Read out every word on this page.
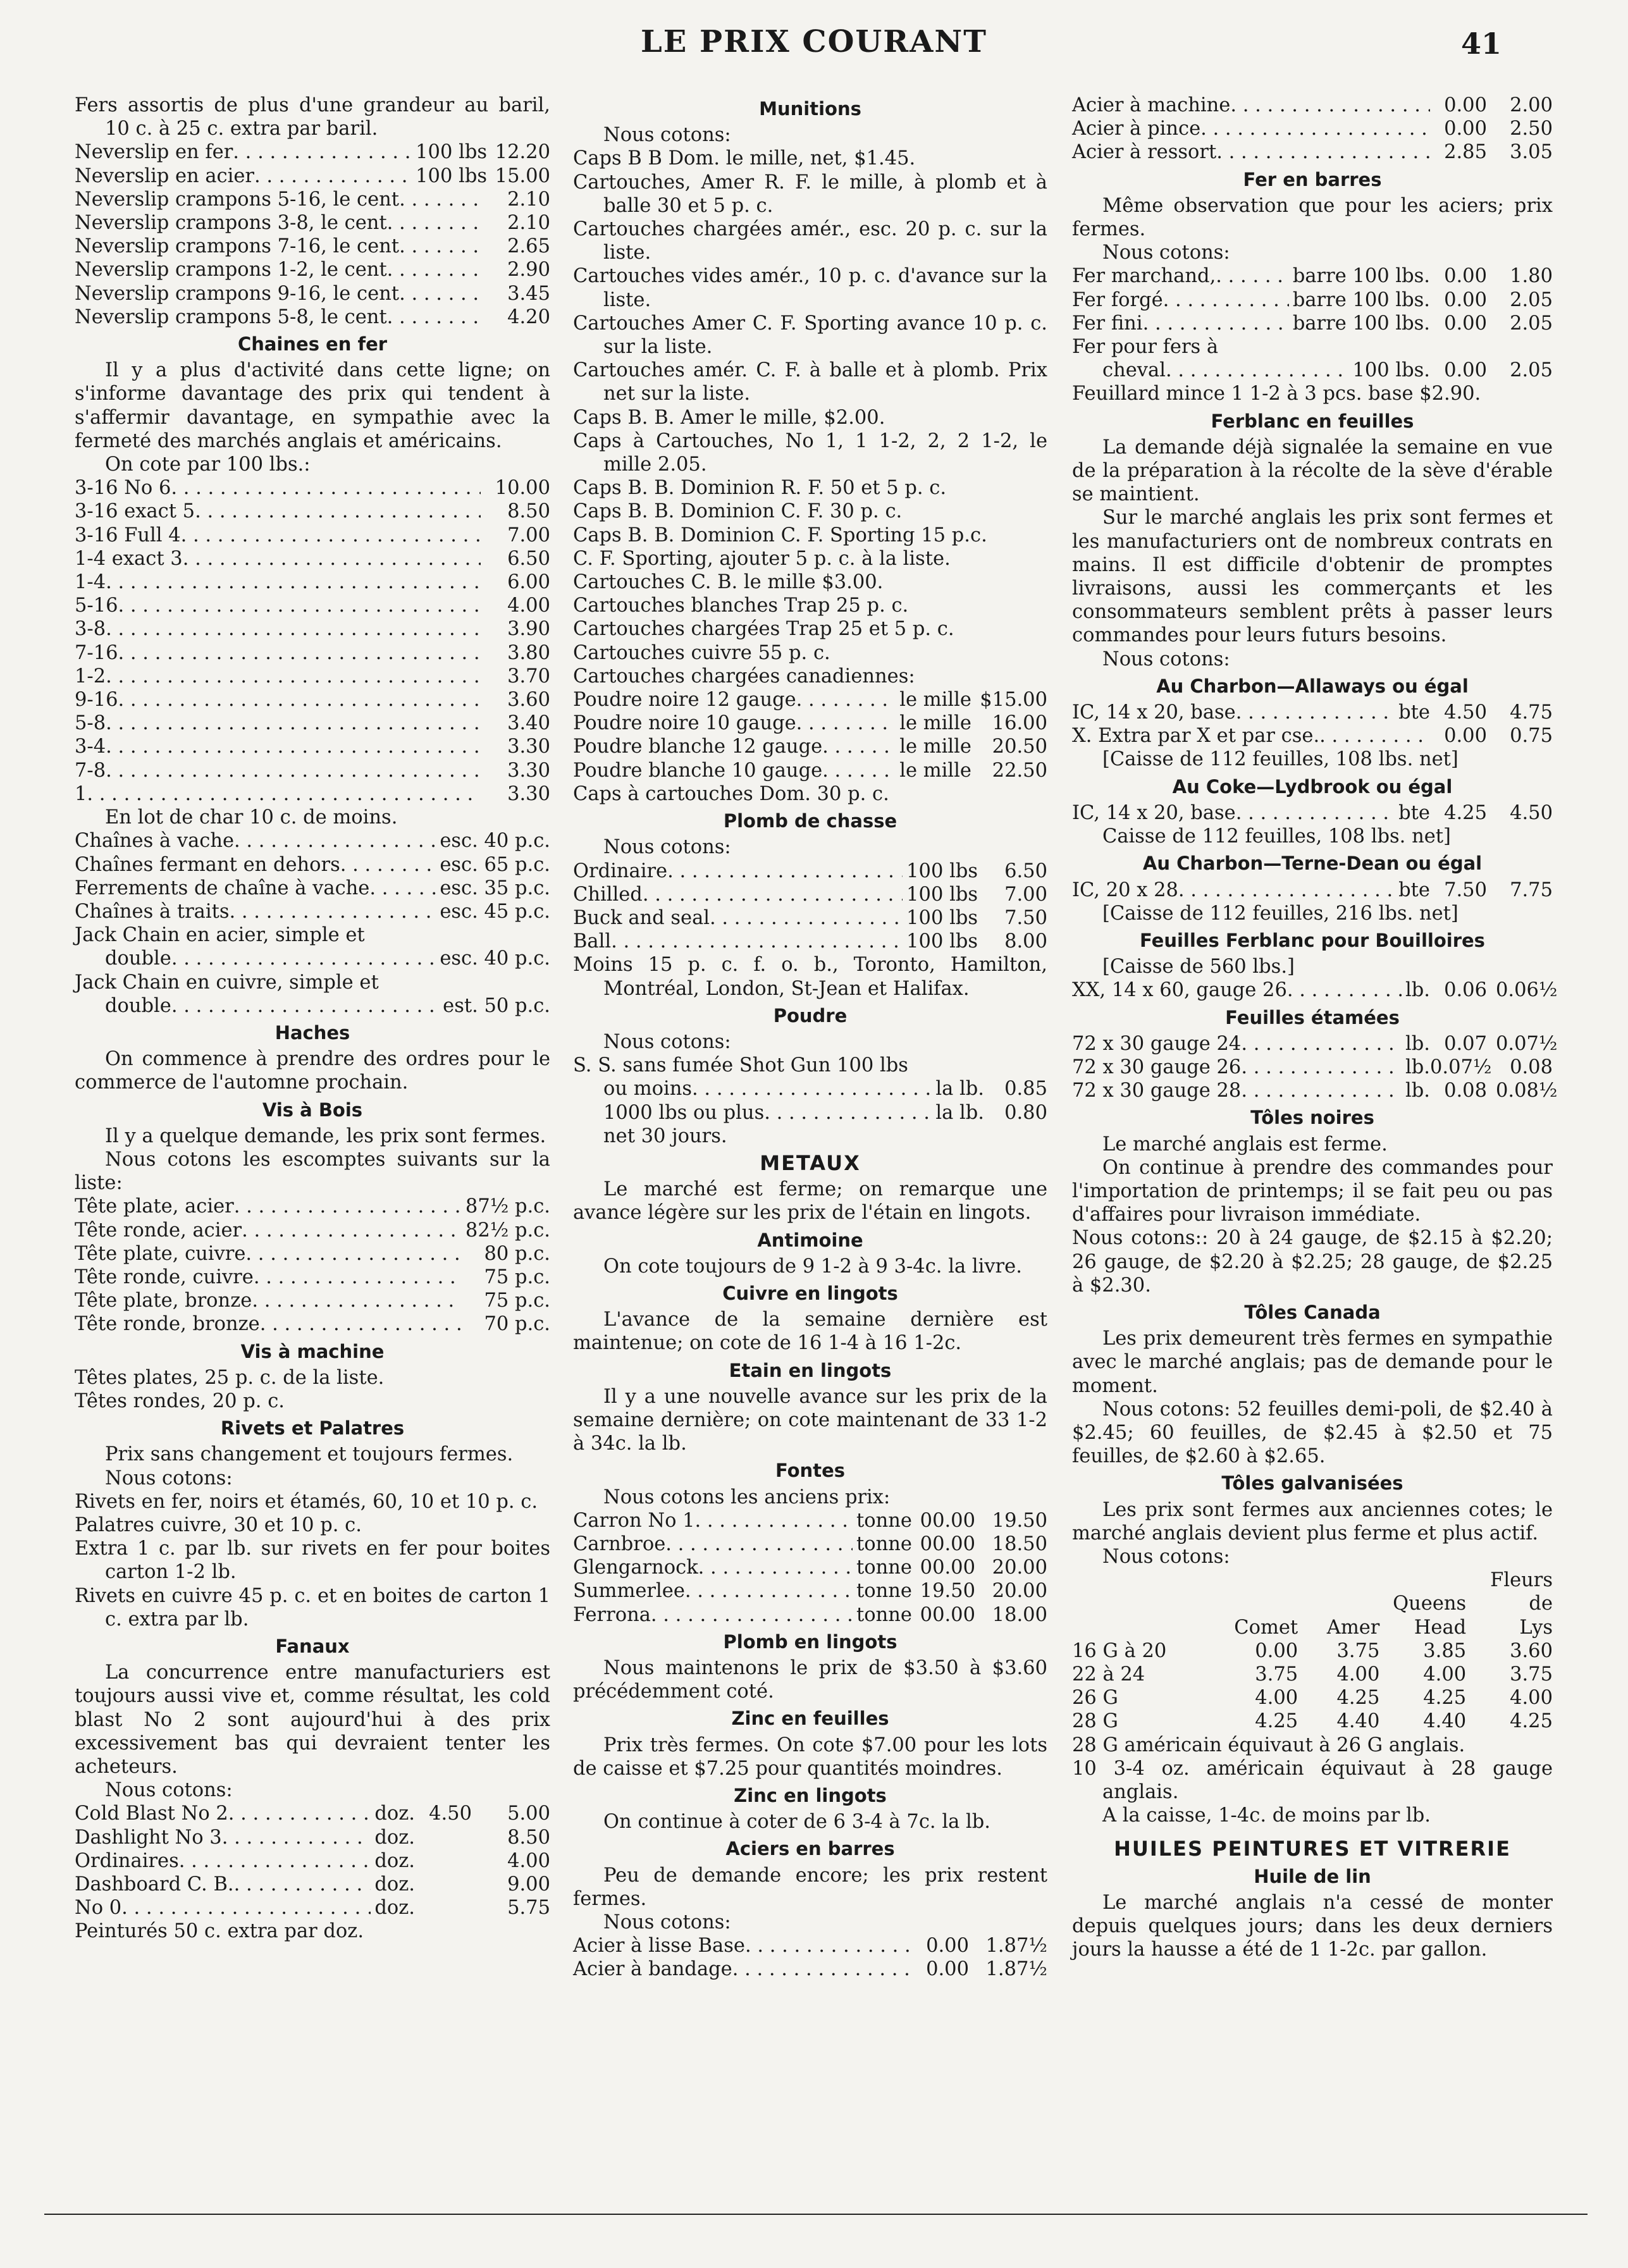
LE PRIX COURANT	41
Fers assortis de plus d'une grandeur au baril, 10 c. à 25 c. extra par baril.
Neverslip en fer . . .	100 lbs 12.20
Neverslip en acier . . .	100 lbs 15.00
Neverslip crampons 5-16, le cent . . .	2.10
Neverslip crampons 3-8, le cent . . .	2.10
Neverslip crampons 7-16, le cent . . .	2.65
Neverslip crampons 1-2, le cent . . .	2.90
Neverslip crampons 9-16, le cent . . .	3.45
Neverslip crampons 5-8, le cent . . .	4.20
Chaines en fer
Il y a plus d'activité dans cette ligne; on s'informe davantage des prix qui tendent à s'affermir davantage, en sympathie avec la fermeté des marchés anglais et américains.
On cote par 100 lbs.:
3-16 No 6 . . .	10.00
3-16 exact 5 . . .	8.50
3-16 Full 4 . . .	7.00
1-4 exact 3 . . .	6.50
1-4 . . .	6.00
5-16 . . .	4.00
3-8 . . .	3.90
7-16 . . .	3.80
1-2 . . .	3.70
9-16 . . .	3.60
5-8 . . .	3.40
3-4 . . .	3.30
7-8 . . .	3.30
1 . . .	3.30
En lot de char 10 c. de moins.
Chaînes à vache . . .	esc. 40 p.c.
Chaînes fermant en dehors . . .	esc. 65 p.c.
Ferrements de chaîne à vache . . .	esc. 35 p.c.
Chaînes à traits . . .	esc. 45 p.c.
Jack Chain en acier, simple et
double . . .	esc. 40 p.c.
Jack Chain en cuivre, simple et
double . . .	est. 50 p.c.
Haches
On commence à prendre des ordres pour le commerce de l'automne prochain.
Vis à Bois
Il y a quelque demande, les prix sont fermes.
Nous cotons les escomptes suivants sur la liste:
Tête plate, acier . . .	87½ p.c.
Tête ronde, acier . . .	82½ p.c.
Tête plate, cuivre . . .	80 p.c.
Tête ronde, cuivre . . .	75 p.c.
Tête plate, bronze . . .	75 p.c.
Tête ronde, bronze . . .	70 p.c.
Vis à machine
Têtes plates, 25 p. c. de la liste.
Têtes rondes, 20 p. c.
Rivets et Palatres
Prix sans changement et toujours fermes.
Nous cotons:
Rivets en fer, noirs et étamés, 60, 10 et 10 p. c.
Palatres cuivre, 30 et 10 p. c.
Extra 1 c. par lb. sur rivets en fer pour boites carton 1-2 lb.
Rivets en cuivre 45 p. c. et en boites de carton 1 c. extra par lb.
Fanaux
La concurrence entre manufacturiers est toujours aussi vive et, comme résultat, les cold blast No 2 sont aujourd'hui à des prix excessivement bas qui devraient tenter les acheteurs.
Nous cotons:
Cold Blast No 2 . . .	doz. 4.50	5.00
Dashlight No 3 . . .	doz.	8.50
Ordinaires . . .	doz.	4.00
Dashboard C. B. . . .	doz.	9.00
No 0 . . .	doz.	5.75
Peinturés 50 c. extra par doz.
Munitions
Nous cotons:
Caps B B Dom. le mille, net, $1.45.
Cartouches, Amer R. F. le mille, à plomb et à balle 30 et 5 p. c.
Cartouches chargées amér., esc. 20 p. c. sur la liste.
Cartouches vides amér., 10 p. c. d'avance sur la liste.
Cartouches Amer C. F. Sporting avance 10 p. c. sur la liste.
Cartouches amér. C. F. à balle et à plomb. Prix net sur la liste.
Caps B. B. Amer le mille, $2.00.
Caps à Cartouches, No 1, 1 1-2, 2, 2 1-2, le mille 2.05.
Caps B. B. Dominion R. F. 50 et 5 p. c.
Caps B. B. Dominion C. F. 30 p. c.
Caps B. B. Dominion C. F. Sporting 15 p.c.
C. F. Sporting, ajouter 5 p. c. à la liste.
Cartouches C. B. le mille $3.00.
Cartouches blanches Trap 25 p. c.
Cartouches chargées Trap 25 et 5 p. c.
Cartouches cuivre 55 p. c.
Cartouches chargées canadiennes:
Poudre noire 12 gauge . . .	le mille $15.00
Poudre noire 10 gauge . . .	le mille	16.00
Poudre blanche 12 gauge . . .	le mille	20.50
Poudre blanche 10 gauge . . .	le mille	22.50
Caps à cartouches Dom. 30 p. c.
Plomb de chasse
Nous cotons:
Ordinaire . . .	100 lbs	6.50
Chilled . . .	100 lbs	7.00
Buck and seal . . .	100 lbs	7.50
Ball . . .	100 lbs	8.00
Moins 15 p. c. f. o. b., Toronto, Hamilton, Montréal, London, St-Jean et Halifax.
Poudre
Nous cotons:
S. S. sans fumée Shot Gun 100 lbs
ou moins . . .	la lb.	0.85
1000 lbs ou plus . . .	la lb.	0.80
net 30 jours.
METAUX
Le marché est ferme; on remarque une avance légère sur les prix de l'étain en lingots.
Antimoine
On cote toujours de 9 1-2 à 9 3-4c. la livre.
Cuivre en lingots
L'avance de la semaine dernière est maintenue; on cote de 16 1-4 à 16 1-2c.
Etain en lingots
Il y a une nouvelle avance sur les prix de la semaine dernière; on cote maintenant de 33 1-2 à 34c. la lb.
Fontes
Nous cotons les anciens prix:
Carron No 1 . . .	tonne 00.00 19.50
Carnbroe . . .	tonne 00.00 18.50
Glengarnock . . .	tonne 00.00 20.00
Summerlee . . .	tonne 19.50 20.00
Ferrona . . .	tonne 00.00 18.00
Plomb en lingots
Nous maintenons le prix de $3.50 à $3.60 précédemment coté.
Zinc en feuilles
Prix très fermes. On cote $7.00 pour les lots de caisse et $7.25 pour quantités moindres.
Zinc en lingots
On continue à coter de 6 3-4 à 7c. la lb.
Aciers en barres
Peu de demande encore; les prix restent fermes.
Nous cotons:
Acier à lisse Base . . .	0.00 1.87½
Acier à bandage . . .	0.00 1.87½
Acier à machine . . .	0.00	2.00
Acier à pince . . .	0.00	2.50
Acier à ressort . . .	2.85	3.05
Fer en barres
Même observation que pour les aciers; prix fermes.
Nous cotons:
Fer marchand, . . .	barre 100 lbs. 0.00	1.80
Fer forgé . . .	barre 100 lbs. 0.00	2.05
Fer fini . . .	barre 100 lbs. 0.00	2.05
Fer pour fers à
cheval . . .	100 lbs. 0.00	2.05
Feuillard mince 1 1-2 à 3 pcs. base $2.90.
Ferblanc en feuilles
La demande déjà signalée la semaine en vue de la préparation à la récolte de la sève d'érable se maintient.
Sur le marché anglais les prix sont fermes et les manufacturiers ont de nombreux contrats en mains. Il est difficile d'obtenir de promptes livraisons, aussi les commerçants et les consommateurs semblent prêts à passer leurs commandes pour leurs futurs besoins.
Nous cotons:
Au Charbon—Allaways ou égal
IC, 14 x 20, base . . .	bte 4.50	4.75
X. Extra par X et par cse. . . .	0.00	0.75
[Caisse de 112 feuilles, 108 lbs. net]
Au Coke—Lydbrook ou égal
IC, 14 x 20, base . . .	bte 4.25	4.50
Caisse de 112 feuilles, 108 lbs. net]
Au Charbon—Terne-Dean ou égal
IC, 20 x 28 . . .	bte 7.50	7.75
[Caisse de 112 feuilles, 216 lbs. net]
Feuilles Ferblanc pour Bouilloires
[Caisse de 560 lbs.]
XX, 14 x 60, gauge 26 . . .	lb. 0.06 0.06½
Feuilles étamées
72 x 30 gauge 24 . . .	lb. 0.07 0.07½
72 x 30 gauge 26 . . .	lb. 0.07½ 0.08
72 x 30 gauge 28 . . .	lb. 0.08 0.08½
Tôles noires
Le marché anglais est ferme.
On continue à prendre des commandes pour l'importation de printemps; il se fait peu ou pas d'affaires pour livraison immédiate.
Nous cotons:: 20 à 24 gauge, de $2.15 à $2.20; 26 gauge, de $2.20 à $2.25; 28 gauge, de $2.25 à $2.30.
Tôles Canada
Les prix demeurent très fermes en sympathie avec le marché anglais; pas de demande pour le moment.
Nous cotons: 52 feuilles demi-poli, de $2.40 à $2.45; 60 feuilles, de $2.45 à $2.50 et 75 feuilles, de $2.60 à $2.65.
Tôles galvanisées
Les prix sont fermes aux anciennes cotes; le marché anglais devient plus ferme et plus actif.
Nous cotons:
				Fleurs
			Queens	de
	Comet	Amer	Head	Lys
16 G à 20	0.00	3.75	3.85	3.60
22 à 24	3.75	4.00	4.00	3.75
26 G	4.00	4.25	4.25	4.00
28 G	4.25	4.40	4.40	4.25
28 G américain équivaut à 26 G anglais.
10 3-4 oz. américain équivaut à 28 gauge anglais.
A la caisse, 1-4c. de moins par lb.
HUILES PEINTURES ET VITRERIE
Huile de lin
Le marché anglais n'a cessé de monter depuis quelques jours; dans les deux derniers jours la hausse a été de 1 1-2c. par gallon.
